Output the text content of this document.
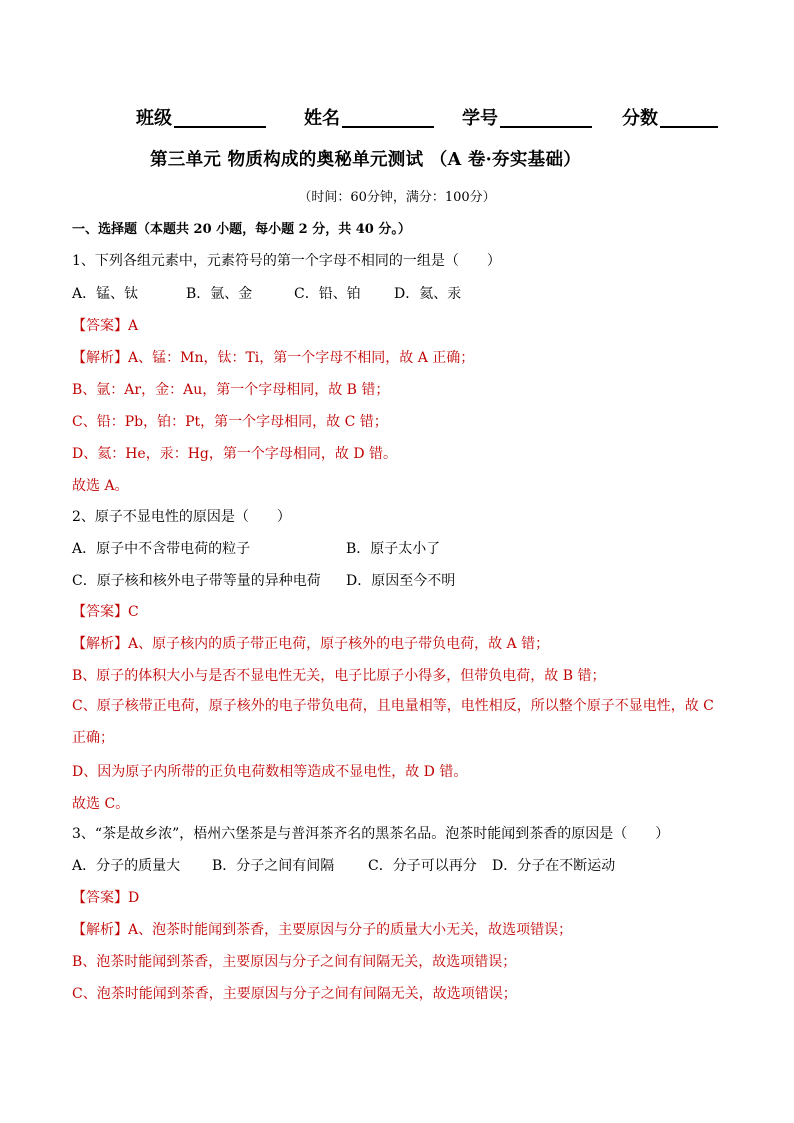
班级	姓名	学号	分数
第三单元 物质构成的奥秘单元测试 （A 卷·夯实基础）
（时间：60分钟，满分：100分）
一、选择题（本题共 20 小题，每小题 2 分，共 40 分。）
1、下列各组元素中，元素符号的第一个字母不相同的一组是（　　）
A．锰、钛	B．氩、金	C．铅、铂 D．氦、汞
【答案】A
【解析】A、锰：Mn，钛：Ti，第一个字母不相同，故 A 正确；
B、氩：Ar，金：Au，第一个字母相同，故 B 错；
C、铅：Pb，铂：Pt，第一个字母相同，故 C 错；
D、氦：He，汞：Hg，第一个字母相同，故 D 错。
故选 A。
2、原子不显电性的原因是（　　）
A．原子中不含带电荷的粒子	B．原子太小了
C．原子核和核外电子带等量的异种电荷 D．原因至今不明
【答案】C
【解析】A、原子核内的质子带正电荷，原子核外的电子带负电荷，故 A 错；
B、原子的体积大小与是否不显电性无关，电子比原子小得多，但带负电荷，故 B 错；
C、原子核带正电荷，原子核外的电子带负电荷，且电量相等，电性相反，所以整个原子不显电性，故 C 正确；
D、因为原子内所带的正负电荷数相等造成不显电性，故 D 错。
故选 C。
3、“茶是故乡浓”，梧州六堡茶是与普洱茶齐名的黑茶名品。泡茶时能闻到茶香的原因是（　　）
A．分子的质量大 B．分子之间有间隔 C．分子可以再分 D．分子在不断运动
【答案】D
【解析】A、泡茶时能闻到茶香，主要原因与分子的质量大小无关，故选项错误；
B、泡茶时能闻到茶香，主要原因与分子之间有间隔无关，故选项错误；
C、泡茶时能闻到茶香，主要原因与分子之间有间隔无关，故选项错误；
